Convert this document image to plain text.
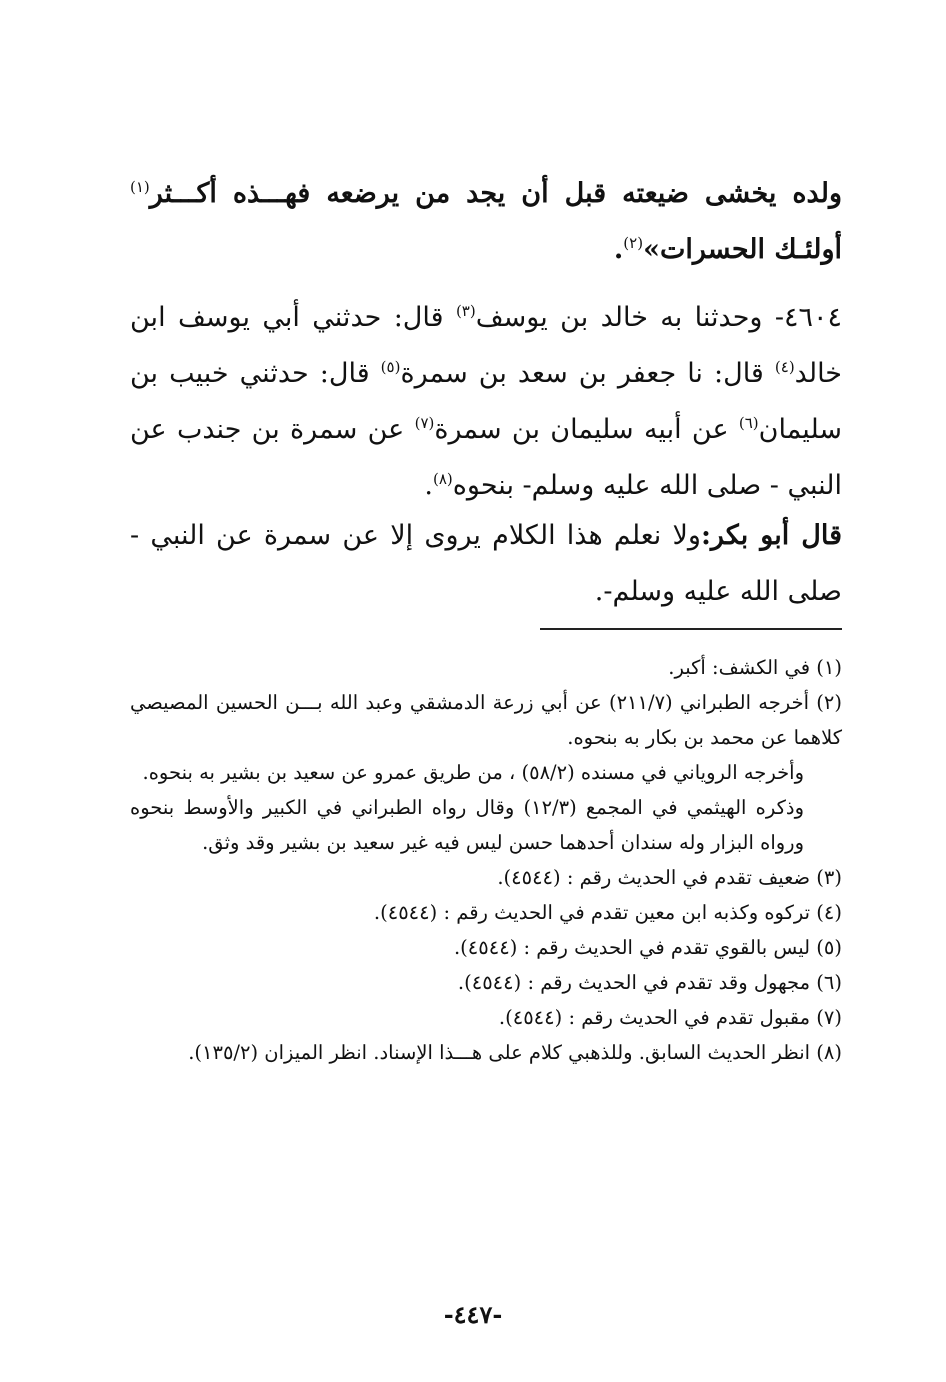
ولده يخشى ضيعته قبل أن يجد من يرضعه فهـــذه أكـــثر$^{(١)}$ أولئـك الحسرات»$^{(٢)}$.
٤٦٠٤- وحدثنا به خالد بن يوسف$^{(٣)}$ قال: حدثني أبي يوسف ابن خالد$^{(٤)}$ قال: نا جعفر بن سعد بن سمرة$^{(٥)}$ قال: حدثني خبيب بن سليمان$^{(٦)}$ عن أبيه سليمان بن سمرة$^{(٧)}$ عن سمرة بن جندب عن النبي - صلى الله عليه وسلم- بنحوه$^{(٨)}$.
قال أبو بكر:ولا نعلم هذا الكلام يروى إلا عن سمرة عن النبي - صلى الله عليه وسلم-.
(١) في الكشف: أكبر.
(٢) أخرجه الطبراني (٢١١/٧) عن أبي زرعة الدمشقي وعبد الله بـــن الحسين المصيصي كلاهما عن محمد بن بكار به بنحوه.
وأخرجه الروياني في مسنده (٥٨/٢) ، من طريق عمرو عن سعيد بن بشير به بنحوه.
وذكره الهيثمي في المجمع (١٢/٣) وقال رواه الطبراني في الكبير والأوسط بنحوه ورواه البزار وله سندان أحدهما حسن ليس فيه غير سعيد بن بشير وقد وثق.
(٣) ضعيف تقدم في الحديث رقم : (٤٥٤٤).
(٤) تركوه وكذبه ابن معين تقدم في الحديث رقم : (٤٥٤٤).
(٥) ليس بالقوي تقدم في الحديث رقم : (٤٥٤٤).
(٦) مجهول وقد تقدم في الحديث رقم : (٤٥٤٤).
(٧) مقبول تقدم في الحديث رقم : (٤٥٤٤).
(٨) انظر الحديث السابق. وللذهبي كلام على هـــذا الإسناد. انظر الميزان (١٣٥/٢).
-٤٤٧-
